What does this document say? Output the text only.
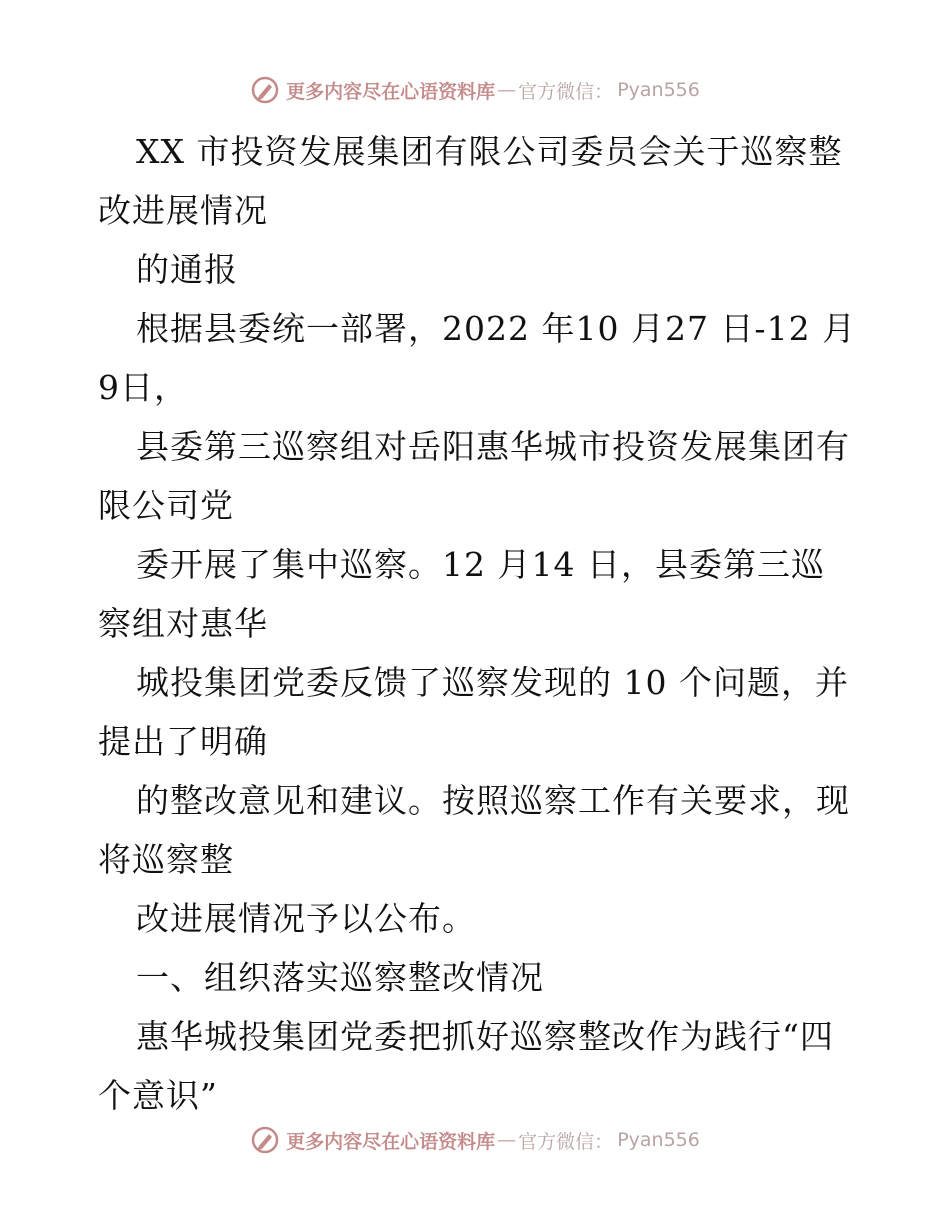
更多内容尽在心语资料库 — 官方微信： Pyan556
XX 市投资发展集团有限公司委员会关于巡察整
改进展情况
的通报
根据县委统一部署，2022 年10 月27 日-12 月
9日，
县委第三巡察组对岳阳惠华城市投资发展集团有
限公司党
委开展了集中巡察。12 月14 日，县委第三巡
察组对惠华
城投集团党委反馈了巡察发现的 10 个问题，并
提出了明确
的整改意见和建议。按照巡察工作有关要求，现
将巡察整
改进展情况予以公布。
一、组织落实巡察整改情况
惠华城投集团党委把抓好巡察整改作为践行“四
个意识”
更多内容尽在心语资料库 — 官方微信： Pyan556
